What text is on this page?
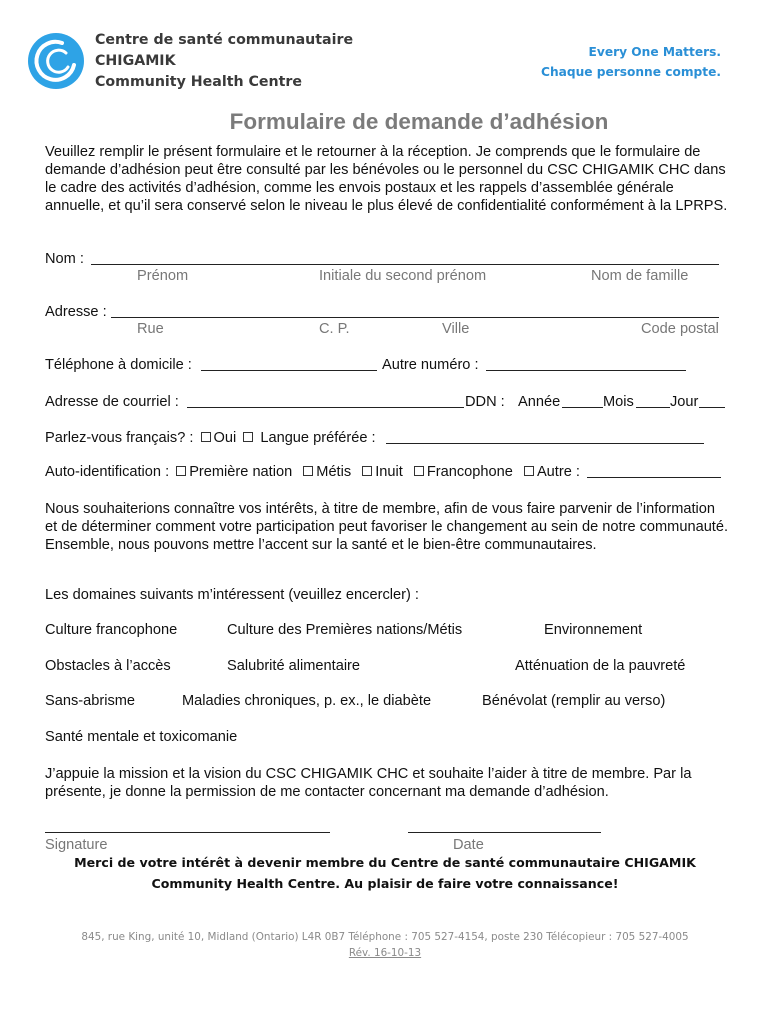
Centre de santé communautaire
CHIGAMIK
Community Health Centre
Every One Matters.
Chaque personne compte.
Formulaire de demande d’adhésion
Veuillez remplir le présent formulaire et le retourner à la réception. Je comprends que le formulaire de demande d’adhésion peut être consulté par les bénévoles ou le personnel du CSC CHIGAMIK CHC dans le cadre des activités d’adhésion, comme les envois postaux et les rappels d’assemblée générale annuelle, et qu’il sera conservé selon le niveau le plus élevé de confidentialité conformément à la LPRPS.
Nom :
Prénom	Initiale du second prénom	Nom de famille
Adresse :
Rue	C. P.	Ville	Code postal
Téléphone à domicile :	Autre numéro :
Adresse de courriel :	DDN : Année	Mois Jour
Parlez-vous français? : Oui Langue préférée :
Auto-identification : Première nation Métis Inuit Francophone Autre :
Nous souhaiterions connaître vos intérêts, à titre de membre, afin de vous faire parvenir de l’information et de déterminer comment votre participation peut favoriser le changement au sein de notre communauté. Ensemble, nous pouvons mettre l’accent sur la santé et le bien-être communautaires.
Les domaines suivants m’intéressent (veuillez encercler) :
Culture francophone	Culture des Premières nations/Métis	Environnement
Obstacles à l’accès	Salubrité alimentaire	Atténuation de la pauvreté
Sans-abrisme	Maladies chroniques, p. ex., le diabète	Bénévolat (remplir au verso)
Santé mentale et toxicomanie
J’appuie la mission et la vision du CSC CHIGAMIK CHC et souhaite l’aider à titre de membre. Par la présente, je donne la permission de me contacter concernant ma demande d’adhésion.
Signature	Date
Merci de votre intérêt à devenir membre du Centre de santé communautaire CHIGAMIK Community Health Centre. Au plaisir de faire votre connaissance!
845, rue King, unité 10, Midland (Ontario) L4R 0B7 Téléphone : 705 527-4154, poste 230 Télécopieur : 705 527-4005
Rév. 16-10-13
